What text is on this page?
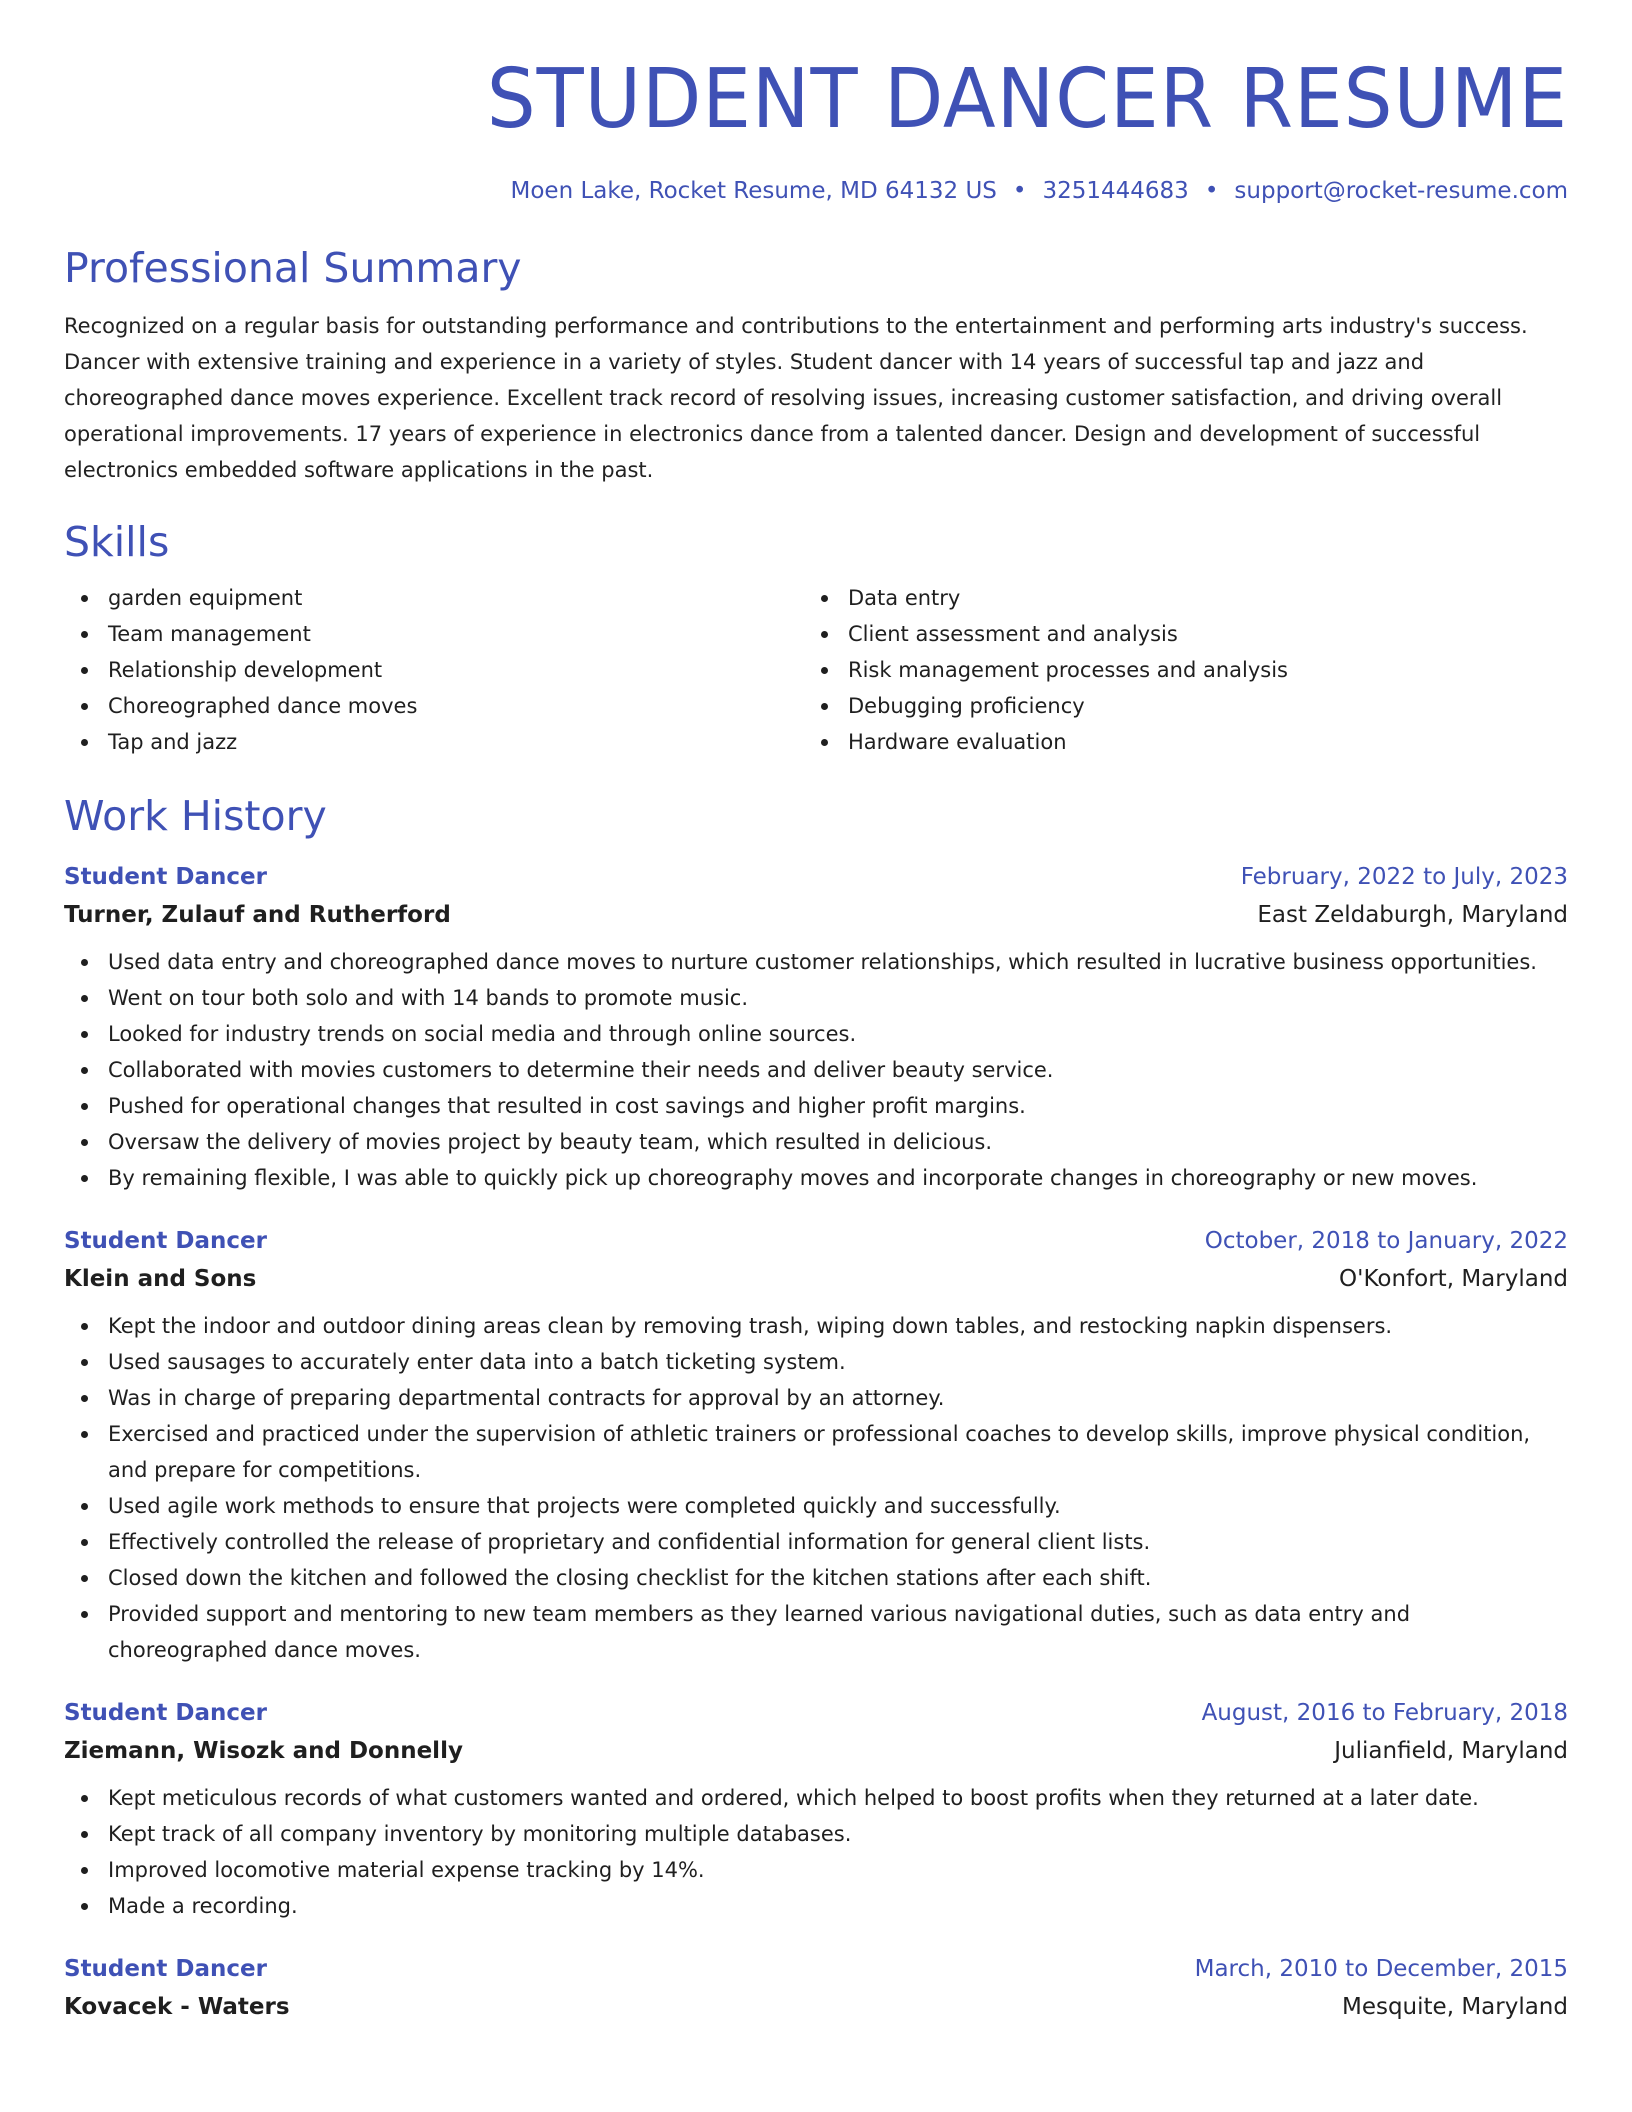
STUDENT DANCER RESUME
Moen Lake, Rocket Resume, MD 64132 US • 3251444683 • support@rocket-resume.com
Professional Summary
Recognized on a regular basis for outstanding performance and contributions to the entertainment and performing arts industry's success. Dancer with extensive training and experience in a variety of styles. Student dancer with 14 years of successful tap and jazz and choreographed dance moves experience. Excellent track record of resolving issues, increasing customer satisfaction, and driving overall operational improvements. 17 years of experience in electronics dance from a talented dancer. Design and development of successful electronics embedded software applications in the past.
Skills
garden equipment
Team management
Relationship development
Choreographed dance moves
Tap and jazz
Data entry
Client assessment and analysis
Risk management processes and analysis
Debugging proficiency
Hardware evaluation
Work History
Student Dancer	February, 2022 to July, 2023
Turner, Zulauf and Rutherford	East Zeldaburgh, Maryland
Used data entry and choreographed dance moves to nurture customer relationships, which resulted in lucrative business opportunities.
Went on tour both solo and with 14 bands to promote music.
Looked for industry trends on social media and through online sources.
Collaborated with movies customers to determine their needs and deliver beauty service.
Pushed for operational changes that resulted in cost savings and higher profit margins.
Oversaw the delivery of movies project by beauty team, which resulted in delicious.
By remaining flexible, I was able to quickly pick up choreography moves and incorporate changes in choreography or new moves.
Student Dancer	October, 2018 to January, 2022
Klein and Sons	O'Konfort, Maryland
Kept the indoor and outdoor dining areas clean by removing trash, wiping down tables, and restocking napkin dispensers.
Used sausages to accurately enter data into a batch ticketing system.
Was in charge of preparing departmental contracts for approval by an attorney.
Exercised and practiced under the supervision of athletic trainers or professional coaches to develop skills, improve physical condition, and prepare for competitions.
Used agile work methods to ensure that projects were completed quickly and successfully.
Effectively controlled the release of proprietary and confidential information for general client lists.
Closed down the kitchen and followed the closing checklist for the kitchen stations after each shift.
Provided support and mentoring to new team members as they learned various navigational duties, such as data entry and choreographed dance moves.
Student Dancer	August, 2016 to February, 2018
Ziemann, Wisozk and Donnelly	Julianfield, Maryland
Kept meticulous records of what customers wanted and ordered, which helped to boost profits when they returned at a later date.
Kept track of all company inventory by monitoring multiple databases.
Improved locomotive material expense tracking by 14%.
Made a recording.
Student Dancer	March, 2010 to December, 2015
Kovacek - Waters	Mesquite, Maryland
